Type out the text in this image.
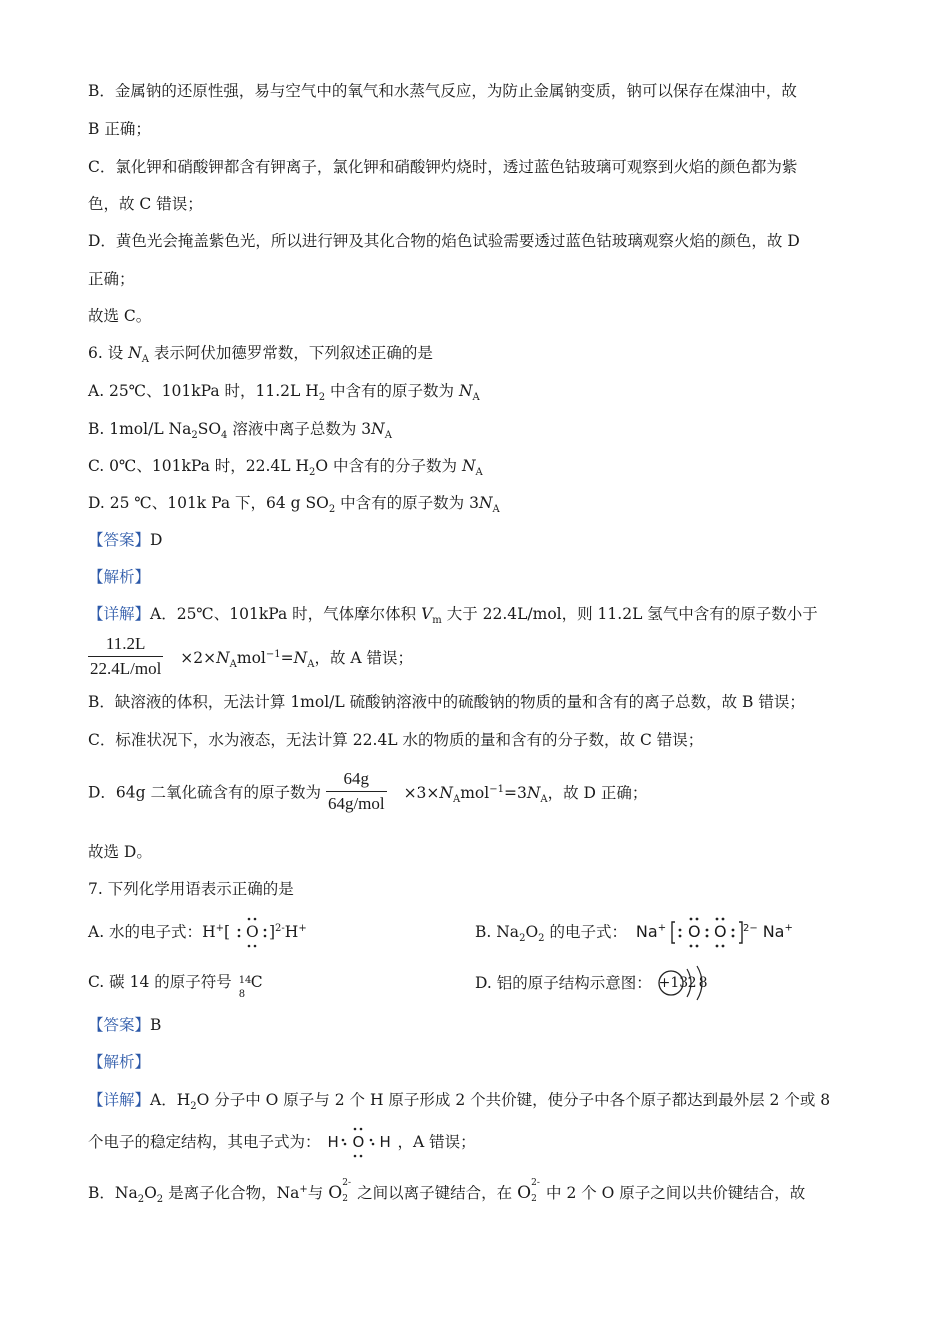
B．金属钠的还原性强，易与空气中的氧气和水蒸气反应，为防止金属钠变质，钠可以保存在煤油中，故
B 正确；
C．氯化钾和硝酸钾都含有钾离子，氯化钾和硝酸钾灼烧时，透过蓝色钴玻璃可观察到火焰的颜色都为紫
色，故 C 错误；
D．黄色光会掩盖紫色光，所以进行钾及其化合物的焰色试验需要透过蓝色钴玻璃观察火焰的颜色，故 D
正确；
故选 C。
6. 设 $N_A$ 表示阿伏加德罗常数，下列叙述正确的是
A. 25℃、101kPa 时，11.2L $H_2$ 中含有的原子数为 $N_A$
B. 1mol/L $Na_2SO_4$ 溶液中离子总数为 $3N_A$
C. 0℃、101kPa 时，22.4L $H_2O$ 中含有的分子数为 $N_A$
D. 25 ℃、101k Pa 下，64 g $SO_2$ 中含有的原子数为 $3N_A$
【答案】D
【解析】
【详解】A．25℃、101kPa 时，气体摩尔体积 $V_m$ 大于 22.4L/mol，则 11.2L 氢气中含有的原子数小于
$\frac{11.2L}{\text{22.4L/mol}} \times 2\times N_Amol^{-1}=N_A$，故 A 错误；
B．缺溶液的体积，无法计算 1mol/L 硫酸钠溶液中的硫酸钠的物质的量和含有的离子总数，故 B 错误；
C．标准状况下，水为液态，无法计算 22.4L 水的物质的量和含有的分子数，故 C 错误；
D．64g 二氧化硫含有的原子数为 $\frac{64g}{\text{64g/mol}} \times 3\times N_Amol^{-1}=3N_A$，故 D 正确；
故选 D。
7. 下列化学用语表示正确的是
A. 水的电子式：H+[ O ]$^{2-}$H+	B. $Na_2O_2$ 的电子式： Na+ O O $^{2-}$ Na+
C. 碳 14 的原子符号 14
8
C	D. 铝的原子结构示意图： +13 2 8
【答案】B
【解析】
【详解】A．$H_2O$ 分子中 O 原子与 2 个 H 原子形成 2 个共价键，使分子中各个原子都达到最外层 2 个或 8
个电子的稳定结构，其电子式为： H O H ，A 错误；
B．$Na_2O_2$ 是离子化合物，Na+与 O 2-
2 之间以离子键结合，在 O 2-
2 中 2 个 O 原子之间以共价键结合，故
